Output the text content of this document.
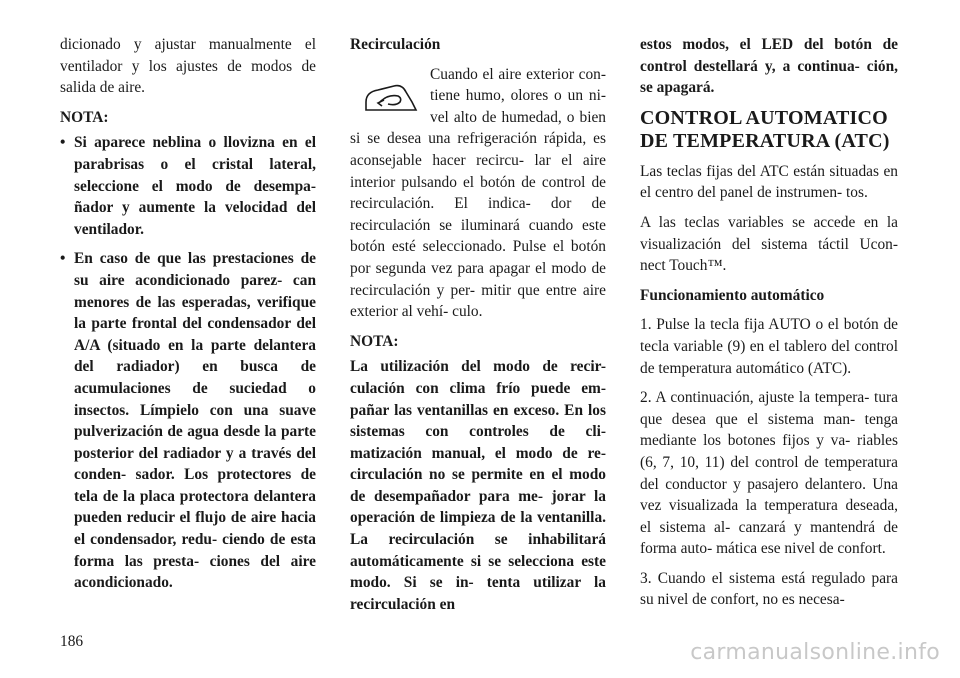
dicionado y ajustar manualmente el ventilador y los ajustes de modos de salida de aire.

NOTA:

• Si aparece neblina o llovizna en el parabrisas o el cristal lateral, seleccione el modo de desempa- ñador y aumente la velocidad del ventilador.
• En caso de que las prestaciones de su aire acondicionado parez- can menores de las esperadas, verifique la parte frontal del condensador del A/A (situado en la parte delantera del radiador) en busca de acumulaciones de suciedad o insectos. Límpielo con una suave pulverización de agua desde la parte posterior del radiador y a través del conden- sador. Los protectores de tela de la placa protectora delantera pueden reducir el flujo de aire hacia el condensador, redu- ciendo de esta forma las presta- ciones del aire acondicionado.
Recirculación

Cuando el aire exterior con- tiene humo, olores o un ni- vel alto de humedad, o bien si se desea una refrigeración rápida, es aconsejable hacer recircu- lar el aire interior pulsando el botón de control de recirculación. El indica- dor de recirculación se iluminará cuando este botón esté seleccionado. Pulse el botón por segunda vez para apagar el modo de recirculación y per- mitir que entre aire exterior al vehí- culo.

NOTA:

La utilización del modo de recir- culación con clima frío puede em- pañar las ventanillas en exceso. En los sistemas con controles de cli- matización manual, el modo de re- circulación no se permite en el modo de desempañador para me- jorar la operación de limpieza de la ventanilla. La recirculación se inhabilitará automáticamente si se selecciona este modo. Si se in- tenta utilizar la recirculación en

estos modos, el LED del botón de control destellará y, a continua- ción, se apagará.

CONTROL AUTOMATICO DE TEMPERATURA (ATC)

Las teclas fijas del ATC están situadas en el centro del panel de instrumen- tos.

A las teclas variables se accede en la visualización del sistema táctil Ucon- nect Touch™.

Funcionamiento automático

1. Pulse la tecla fija AUTO o el botón de tecla variable (9) en el tablero del control de temperatura automático (ATC).

2. A continuación, ajuste la tempera- tura que desea que el sistema man- tenga mediante los botones fijos y va- riables (6, 7, 10, 11) del control de temperatura del conductor y pasajero delantero. Una vez visualizada la temperatura deseada, el sistema al- canzará y mantendrá de forma auto- mática ese nivel de confort.

3. Cuando el sistema está regulado para su nivel de confort, no es necesa-

186	carmanualsonline.info
